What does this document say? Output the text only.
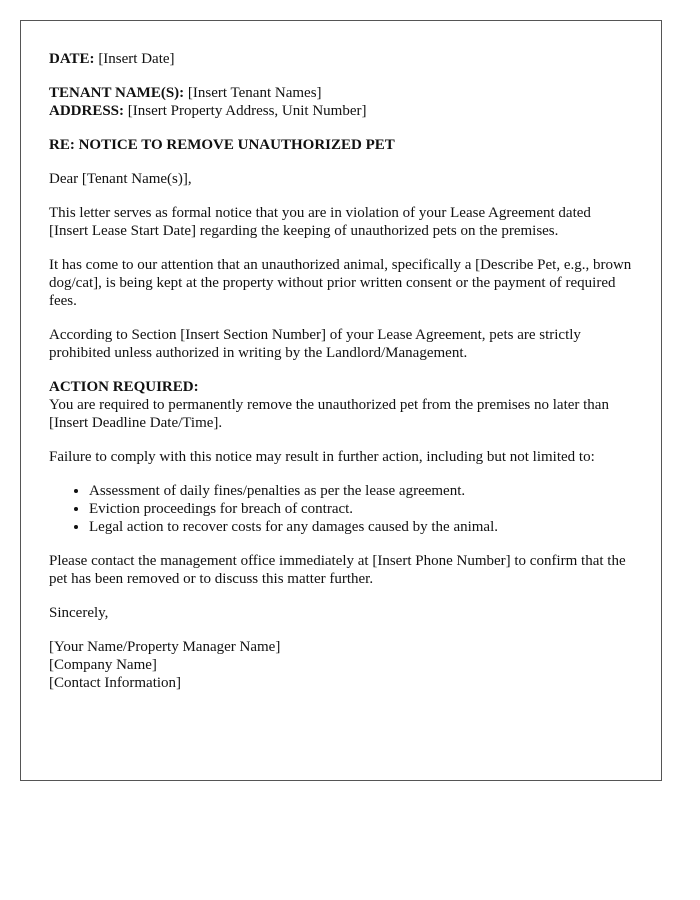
DATE: [Insert Date]

TENANT NAME(S): [Insert Tenant Names]
ADDRESS: [Insert Property Address, Unit Number]

RE: NOTICE TO REMOVE UNAUTHORIZED PET

Dear [Tenant Name(s)],

This letter serves as formal notice that you are in violation of your Lease Agreement dated [Insert Lease Start Date] regarding the keeping of unauthorized pets on the premises.

It has come to our attention that an unauthorized animal, specifically a [Describe Pet, e.g., brown dog/cat], is being kept at the property without prior written consent or the payment of required fees.

According to Section [Insert Section Number] of your Lease Agreement, pets are strictly prohibited unless authorized in writing by the Landlord/Management.

ACTION REQUIRED:
You are required to permanently remove the unauthorized pet from the premises no later than [Insert Deadline Date/Time].

Failure to comply with this notice may result in further action, including but not limited to:

• Assessment of daily fines/penalties as per the lease agreement.
• Eviction proceedings for breach of contract.
• Legal action to recover costs for any damages caused by the animal.

Please contact the management office immediately at [Insert Phone Number] to confirm that the pet has been removed or to discuss this matter further.

Sincerely,

[Your Name/Property Manager Name]
[Company Name]
[Contact Information]
